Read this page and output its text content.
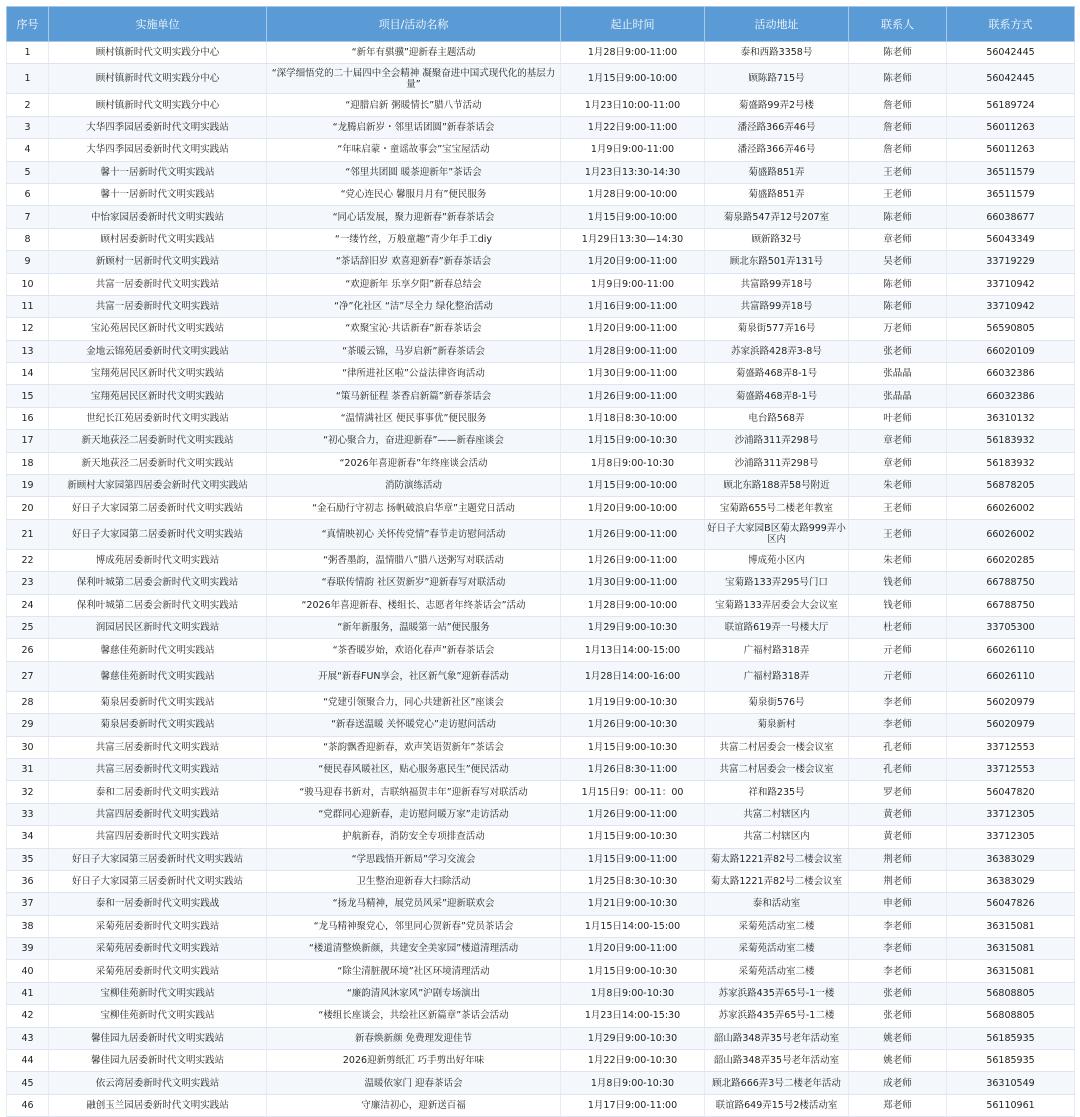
序号	实施单位	项目/活动名称	起止时间	活动地址	联系人	联系方式
1	顾村镇新时代文明实践分中心	“新年有骐骥”迎新春主题活动	1月28日9:00-11:00	泰和西路3358号	陈老师	56042445
1	顾村镇新时代文明实践分中心	“深学细悟党的二十届四中全会精神 凝聚奋进中国式现代化的基层力量”	1月15日9:00-10:00	顾陈路715号	陈老师	56042445
2	顾村镇新时代文明实践分中心	“迎腊启新 粥暖情长”腊八节活动	1月23日10:00-11:00	菊盛路99弄2号楼	詹老师	56189724
3	大华四季园居委新时代文明实践站	“龙腾启新岁・邻里话团圆”新春茶话会	1月22日9:00-11:00	潘泾路366弄46号	詹老师	56011263
4	大华四季园居委新时代文明实践站	“年味启蒙・童谣故事会”宝宝屋活动	1月9日9:00-11:00	潘泾路366弄46号	詹老师	56011263
5	馨十一居新时代文明实践站	“邻里共团圆 暖茶迎新年”茶话会	1月23日13:30-14:30	菊盛路851弄	王老师	36511579
6	馨十一居新时代文明实践站	“党心连民心 馨服月月有”便民服务	1月28日9:00-10:00	菊盛路851弄	王老师	36511579
7	中怡家园居委新时代文明实践站	“同心话发展，聚力迎新春”新春茶话会	1月15日9:00-10:00	菊泉路547弄12号207室	陈老师	66038677
8	顾村居委新时代文明实践站	“一缕竹丝，万般童趣”青少年手工diy	1月29日13:30—14:30	顾新路32号	章老师	56043349
9	新顾村一居新时代文明实践站	“茶话辞旧岁 欢喜迎新春”新春茶话会	1月20日9:00-11:00	顾北东路501弄131号	吴老师	33719229
10	共富一居委新时代文明实践站	“欢迎新年 乐享夕阳”新春总结会	1月9日9:00-11:00	共富路99弄18号	陈老师	33710942
11	共富一居委新时代文明实践站	“净”化社区 “洁”尽全力 绿化整治活动	1月16日9:00-11:00	共富路99弄18号	陈老师	33710942
12	宝沁苑居民区新时代文明实践站	“欢聚宝沁·共话新春”新春茶话会	1月20日9:00-11:00	菊泉街577弄16号	万老师	56590805
13	金地云锦苑居委新时代文明实践站	“茶暖云锦，马岁启新”新春茶话会	1月28日9:00-11:00	苏家浜路428弄3-8号	张老师	66020109
14	宝翔苑居民区新时代文明实践站	“律所进社区啦”公益法律咨询活动	1月30日9:00-11:00	菊盛路468弄8-1号	张晶晶	66032386
15	宝翔苑居民区新时代文明实践站	“策马新征程 茶香启新篇”新春茶话会	1月26日9:00-11:00	菊盛路468弄8-1号	张晶晶	66032386
16	世纪长江苑居委新时代文明实践站	“温情满社区 便民事事优”便民服务	1月18日8:30-10:00	电台路568弄	叶老师	36310132
17	新天地荻泾二居委新时代文明实践站	“初心聚合力，奋进迎新春”——新春座谈会	1月15日9:00-10:30	沙浦路311弄298号	章老师	56183932
18	新天地荻泾二居委新时代文明实践站	“2026年喜迎新春”年终座谈会活动	1月8日9:00-10:30	沙浦路311弄298号	章老师	56183932
19	新顾村大家园第四居委会新时代文明实践站	消防演练活动	1月15日9:00-10:00	顾北东路188弄58号附近	朱老师	56878205
20	好日子大家园第二居委新时代文明实践站	“金石励行守初志 扬帆破浪启华章”主题党日活动	1月20日9:00-10:00	宝菊路655号二楼老年教室	王老师	66026002
21	好日子大家园第二居委新时代文明实践站	“真情映初心 关怀传党情”春节走访慰问活动	1月26日9:00-11:00	好日子大家园B区菊太路999弄小区内	王老师	66026002
22	博成苑居委新时代文明实践站	“粥香墨韵，温情腊八”腊八送粥写对联活动	1月26日9:00-11:00	博成苑小区内	朱老师	66020285
23	保利叶城第二居委会新时代文明实践站	“春联传情韵 社区贺新岁”迎新春写对联活动	1月30日9:00-11:00	宝菊路133弄295号门口	钱老师	66788750
24	保利叶城第二居委会新时代文明实践站	“2026年喜迎新春、楼组长、志愿者年终茶话会”活动	1月28日9:00-10:00	宝菊路133弄居委会大会议室	钱老师	66788750
25	润园居民区新时代文明实践站	“新年新服务，温暖第一站”便民服务	1月29日9:00-10:30	联谊路619弄一号楼大厅	杜老师	33705300
26	馨慈佳苑新时代文明实践站	“茶香暖岁始，欢语化春声”新春茶话会	1月13日14:00-15:00	广福村路318弄	亓老师	66026110
27	馨慈佳苑新时代文明实践站	开展“新春FUN享会，社区新气象”迎新春活动	1月28日14:00-16:00	广福村路318弄	亓老师	66026110
28	菊泉居委新时代文明实践站	“党建引领聚合力，同心共建新社区”座谈会	1月19日9:00-10:30	菊泉街576号	李老师	56020979
29	菊泉居委新时代文明实践站	“新春送温暖 关怀暖党心”走访慰问活动	1月26日9:00-10:30	菊泉新村	李老师	56020979
30	共富三居委新时代文明实践站	“茶韵飘香迎新春，欢声笑语贺新年”茶话会	1月15日9:00-10:30	共富二村居委会一楼会议室	孔老师	33712553
31	共富三居委新时代文明实践站	“便民春风暖社区，贴心服务惠民生”便民活动	1月26日8:30-11:00	共富二村居委会一楼会议室	孔老师	33712553
32	泰和二居委新时代文明实践站	“骏马迎春书新对，吉联纳福贺丰年”迎新春写对联活动	1月15日9：00-11：00	祥和路235号	罗老师	56047820
33	共富四居委新时代文明实践站	“党群同心迎新春，走访慰问暖万家”走访活动	1月26日9:00-11:00	共富二村辖区内	黄老师	33712305
34	共富四居委新时代文明实践站	护航新春，消防安全专项排查活动	1月15日9:00-10:30	共富二村辖区内	黄老师	33712305
35	好日子大家园第三居委新时代文明实践站	“学思践悟开新局”学习交流会	1月15日9:00-11:00	菊太路1221弄82号二楼会议室	荆老师	36383029
36	好日子大家园第三居委新时代文明实践站	卫生整治迎新春大扫除活动	1月25日8:30-10:30	菊太路1221弄82号二楼会议室	荆老师	36383029
37	泰和一居委新时代文明实践战	“扬龙马精神，展党员风采”迎新联欢会	1月21日9:00-10:30	泰和活动室	申老师	56047826
38	采菊苑居委新时代文明实践站	“龙马精神聚党心，邻里同心贺新春”党员茶话会	1月15日14:00-15:00	采菊苑活动室二楼	李老师	36315081
39	采菊苑居委新时代文明实践站	“楼道清整焕新颜，共建安全美家园”楼道清理活动	1月20日9:00-11:00	采菊苑活动室二楼	李老师	36315081
40	采菊苑居委新时代文明实践站	“除尘清脏靓环境”社区环境清理活动	1月15日9:00-10:30	采菊苑活动室二楼	李老师	36315081
41	宝柳佳苑新时代文明实践站	“廉韵清风沐家风”沪剧专场演出	1月8日9:00-10:30	苏家浜路435弄65号-1一楼	张老师	56808805
42	宝柳佳苑新时代文明实践站	“楼组长座谈会，共绘社区新篇章”茶话会活动	1月23日14:00-15:30	苏家浜路435弄65号-1二楼	张老师	56808805
43	馨佳园九居委新时代文明实践站	新春焕新颜 免费理发迎佳节	1月29日9:00-10:30	韶山路348弄35号老年活动室	姚老师	56185935
44	馨佳园九居委新时代文明实践站	2026迎新剪纸汇 巧手剪出好年味	1月22日9:00-10:30	韶山路348弄35号老年活动室	姚老师	56185935
45	依云湾居委新时代文明实践站	温暖依家门 迎春茶话会	1月8日9:00-10:30	顾北路666弄3号二楼老年活动	成老师	36310549
46	融创玉兰园居委新时代文明实践站	守廉洁初心，迎新送百福	1月17日9:00-11:00	联谊路649弄15号2楼活动室	郑老师	56110961
